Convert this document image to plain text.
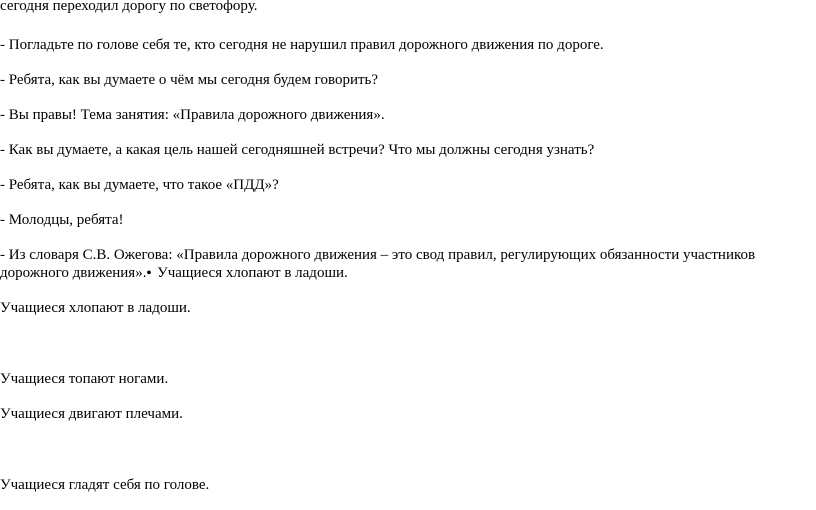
сегодня переходил дорогу по светофору.
- Погладьте по голове себя те, кто сегодня не нарушил правил дорожного движения по дороге.
- Ребята, как вы думаете о чём мы сегодня будем говорить?
- Вы правы! Тема занятия: «Правила дорожного движения».
- Как вы думаете, а какая цель нашей сегодняшней встречи? Что мы должны сегодня узнать?
- Ребята, как вы думаете, что такое «ПДД»?
- Молодцы, ребята!
- Из словаря С.В. Ожегова: «Правила дорожного движения – это свод правил, регулирующих обязанности участников дорожного движения».• Учащиеся хлопают в ладоши.
Учащиеся хлопают в ладоши.
Учащиеся топают ногами.
Учащиеся двигают плечами.
Учащиеся гладят себя по голове.
